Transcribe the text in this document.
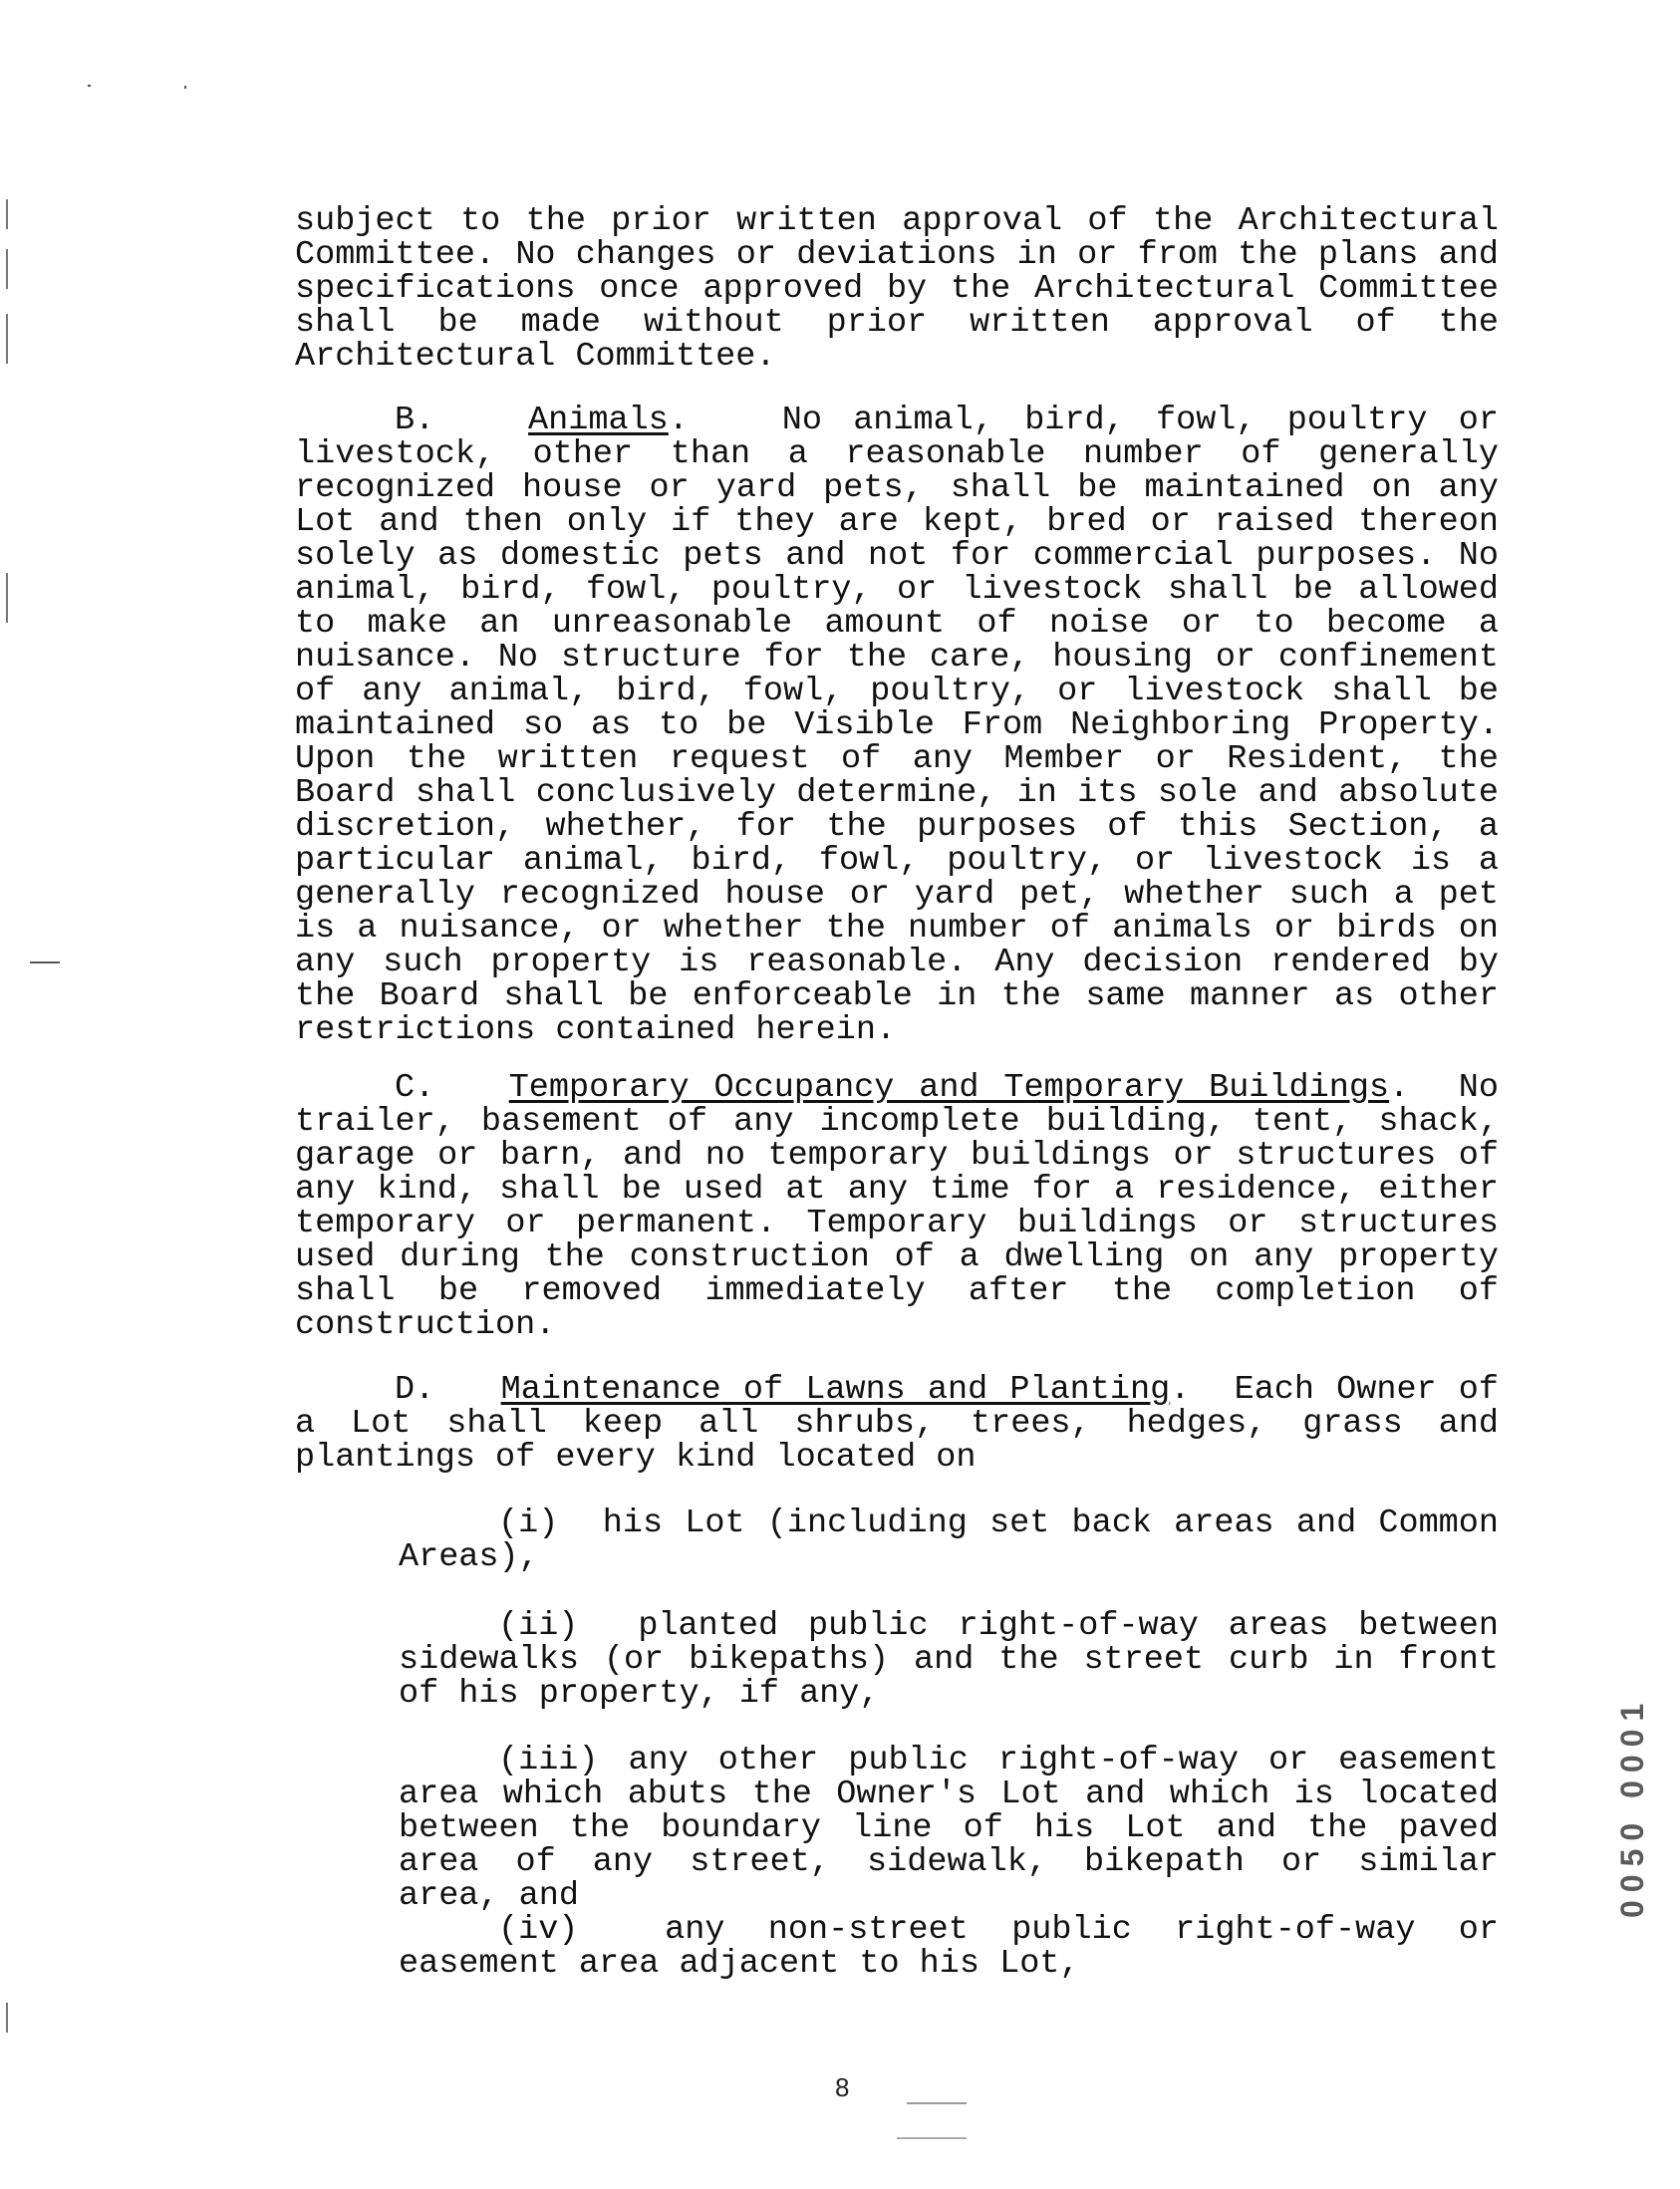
subject to the prior written approval of the Architectural Committee. No changes or deviations in or from the plans and specifications once approved by the Architectural Committee shall be made without prior written approval of the Architectural Committee.

B.	Animals.   No animal, bird, fowl, poultry or livestock, other than a reasonable number of generally recognized house or yard pets, shall be maintained on any Lot and then only if they are kept, bred or raised thereon solely as domestic pets and not for commercial purposes. No animal, bird, fowl, poultry, or livestock shall be allowed to make an unreasonable amount of noise or to become a nuisance. No structure for the care, housing or confinement of any animal, bird, fowl, poultry, or livestock shall be maintained so as to be Visible From Neighboring Property. Upon the written request of any Member or Resident, the Board shall conclusively determine, in its sole and absolute discretion, whether, for the purposes of this Section, a particular animal, bird, fowl, poultry, or livestock is a generally recognized house or yard pet, whether such a pet is a nuisance, or whether the number of animals or birds on any such property is reasonable. Any decision rendered by the Board shall be enforceable in the same manner as other restrictions contained herein.

C. Temporary Occupancy and Temporary Buildings.  No trailer, basement of any incomplete building, tent, shack, garage or barn, and no temporary buildings or structures of any kind, shall be used at any time for a residence, either temporary or permanent. Temporary buildings or structures used during the construction of a dwelling on any property shall be removed immediately after the completion of construction.

D. Maintenance of Lawns and Planting.  Each Owner of a Lot shall keep all shrubs, trees, hedges, grass and plantings of every kind located on

(i) his Lot (including set back areas and Common Areas),

(ii) planted public right-of-way areas between sidewalks (or bikepaths) and the street curb in front of his property, if any,

(iii) any other public right-of-way or easement area which abuts the Owner's Lot and which is located between the boundary line of his Lot and the paved area of any street, sidewalk, bikepath or similar area, and

(iv)	any non-street public right-of-way or easement area adjacent to his Lot,

8
0050 0001
